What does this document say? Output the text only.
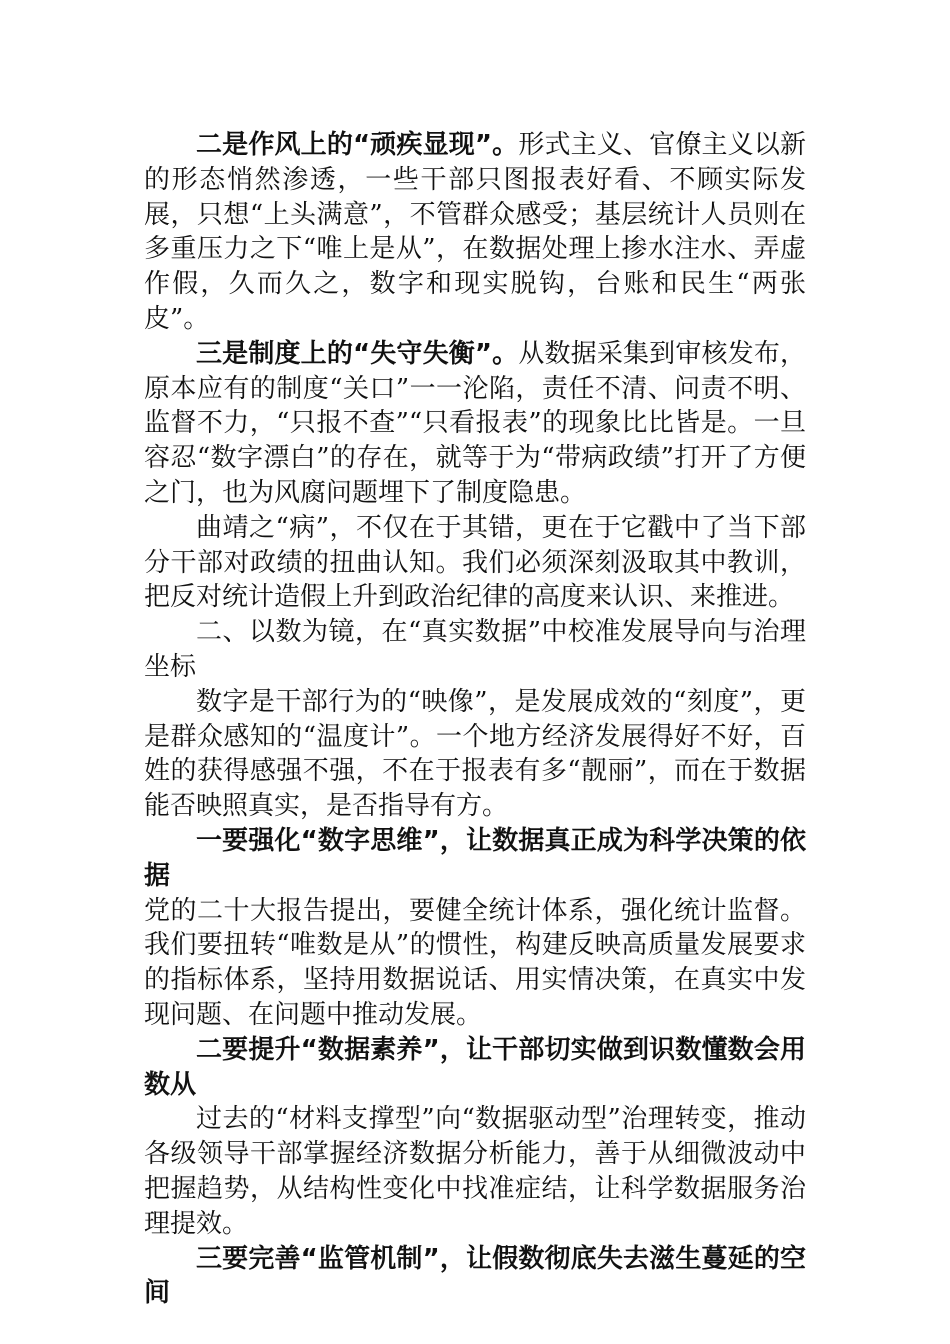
二是作风上的“顽疾显现”。形式主义、官僚主义以新的形态悄然渗透，一些干部只图报表好看、不顾实际发展，只想“上头满意”，不管群众感受；基层统计人员则在多重压力之下“唯上是从”，在数据处理上掺水注水、弄虚作假，久而久之，数字和现实脱钩，台账和民生“两张皮”。

三是制度上的“失守失衡”。从数据采集到审核发布，原本应有的制度“关口”一一沦陷，责任不清、问责不明、监督不力，“只报不查”“只看报表”的现象比比皆是。一旦容忍“数字漂白”的存在，就等于为“带病政绩”打开了方便之门，也为风腐问题埋下了制度隐患。

曲靖之“病”，不仅在于其错，更在于它戳中了当下部分干部对政绩的扭曲认知。我们必须深刻汲取其中教训，把反对统计造假上升到政治纪律的高度来认识、来推进。

二、以数为镜，在“真实数据”中校准发展导向与治理坐标

数字是干部行为的“映像”，是发展成效的“刻度”，更是群众感知的“温度计”。一个地方经济发展得好不好，百姓的获得感强不强，不在于报表有多“靓丽”，而在于数据能否映照真实，是否指导有方。

一要强化“数字思维”，让数据真正成为科学决策的依据

党的二十大报告提出，要健全统计体系，强化统计监督。我们要扭转“唯数是从”的惯性，构建反映高质量发展要求的指标体系，坚持用数据说话、用实情决策，在真实中发现问题、在问题中推动发展。

二要提升“数据素养”，让干部切实做到识数懂数会用数从

过去的“材料支撑型”向“数据驱动型”治理转变，推动各级领导干部掌握经济数据分析能力，善于从细微波动中把握趋势，从结构性变化中找准症结，让科学数据服务治理提效。

三要完善“监管机制”，让假数彻底失去滋生蔓延的空间
